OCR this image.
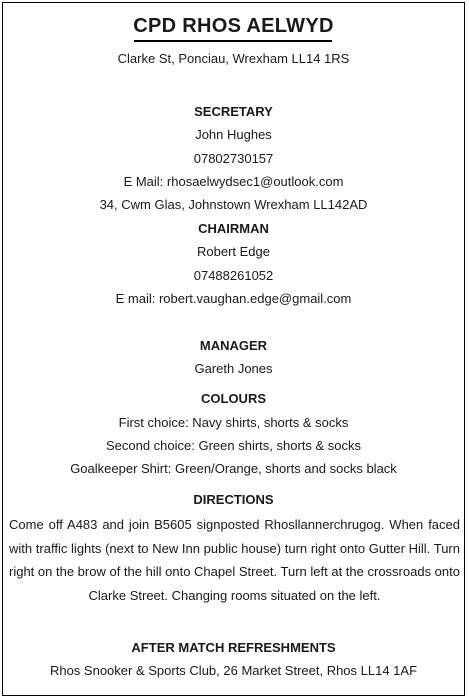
CPD RHOS AELWYD
Clarke St, Ponciau, Wrexham LL14 1RS
SECRETARY
John Hughes
07802730157
E Mail: rhosaelwydsec1@outlook.com
34, Cwm Glas, Johnstown Wrexham LL142AD
CHAIRMAN
Robert Edge
07488261052
E mail: robert.vaughan.edge@gmail.com
MANAGER
Gareth Jones
COLOURS
First choice: Navy shirts, shorts & socks
Second choice: Green shirts, shorts & socks
Goalkeeper Shirt: Green/Orange, shorts and socks black
DIRECTIONS
Come off A483 and join B5605 signposted Rhosllannerchrugog. When faced with traffic lights (next to New Inn public house) turn right onto Gutter Hill. Turn right on the brow of the hill onto Chapel Street. Turn left at the crossroads onto Clarke Street. Changing rooms situated on the left.
AFTER MATCH REFRESHMENTS
Rhos Snooker & Sports Club, 26 Market Street, Rhos LL14 1AF
